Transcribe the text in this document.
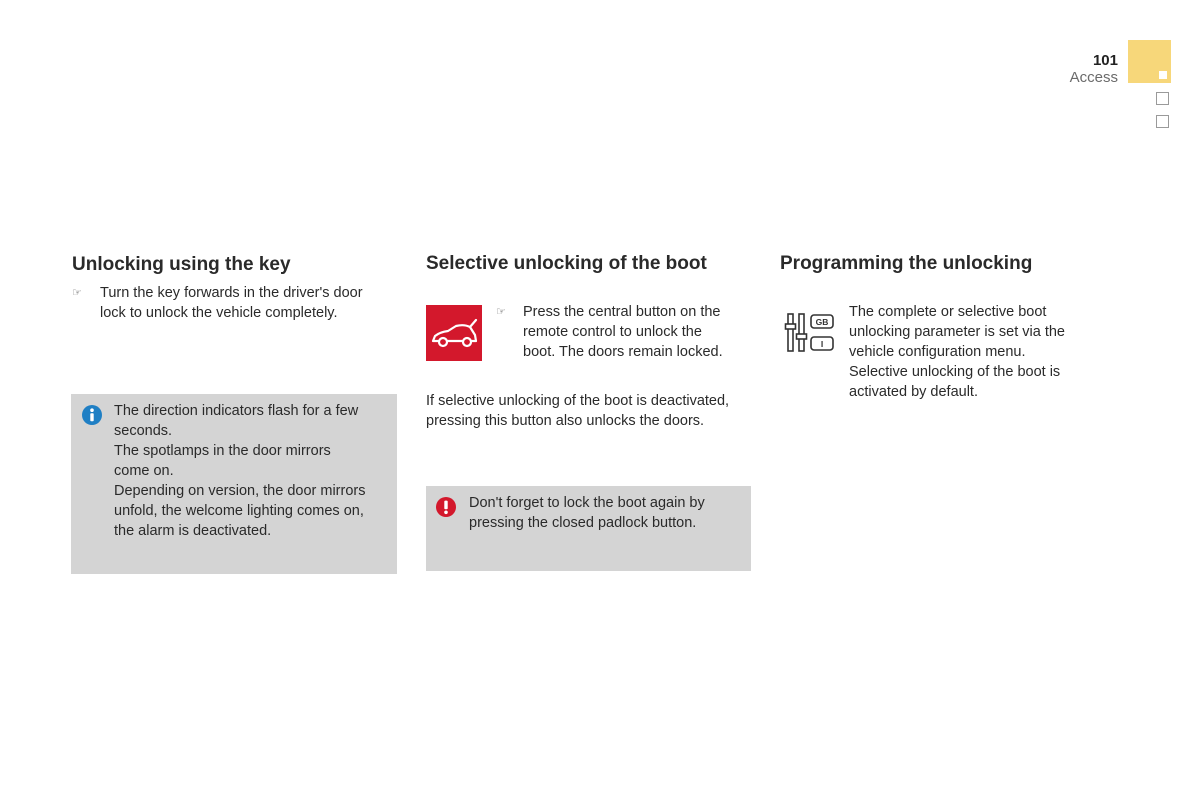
101
Access
Unlocking using the key
☞ Turn the key forwards in the driver's door
lock to unlock the vehicle completely.
The direction indicators flash for a few
seconds.
The spotlamps in the door mirrors
come on.
Depending on version, the door mirrors
unfold, the welcome lighting comes on,
the alarm is deactivated.
Selective unlocking of the boot
☞ Press the central button on the
remote control to unlock the
boot. The doors remain locked.
If selective unlocking of the boot is deactivated,
pressing this button also unlocks the doors.
Don't forget to lock the boot again by
pressing the closed padlock button.
Programming the unlocking
GB
I
The complete or selective boot
unlocking parameter is set via the
vehicle configuration menu.
Selective unlocking of the boot is
activated by default.
